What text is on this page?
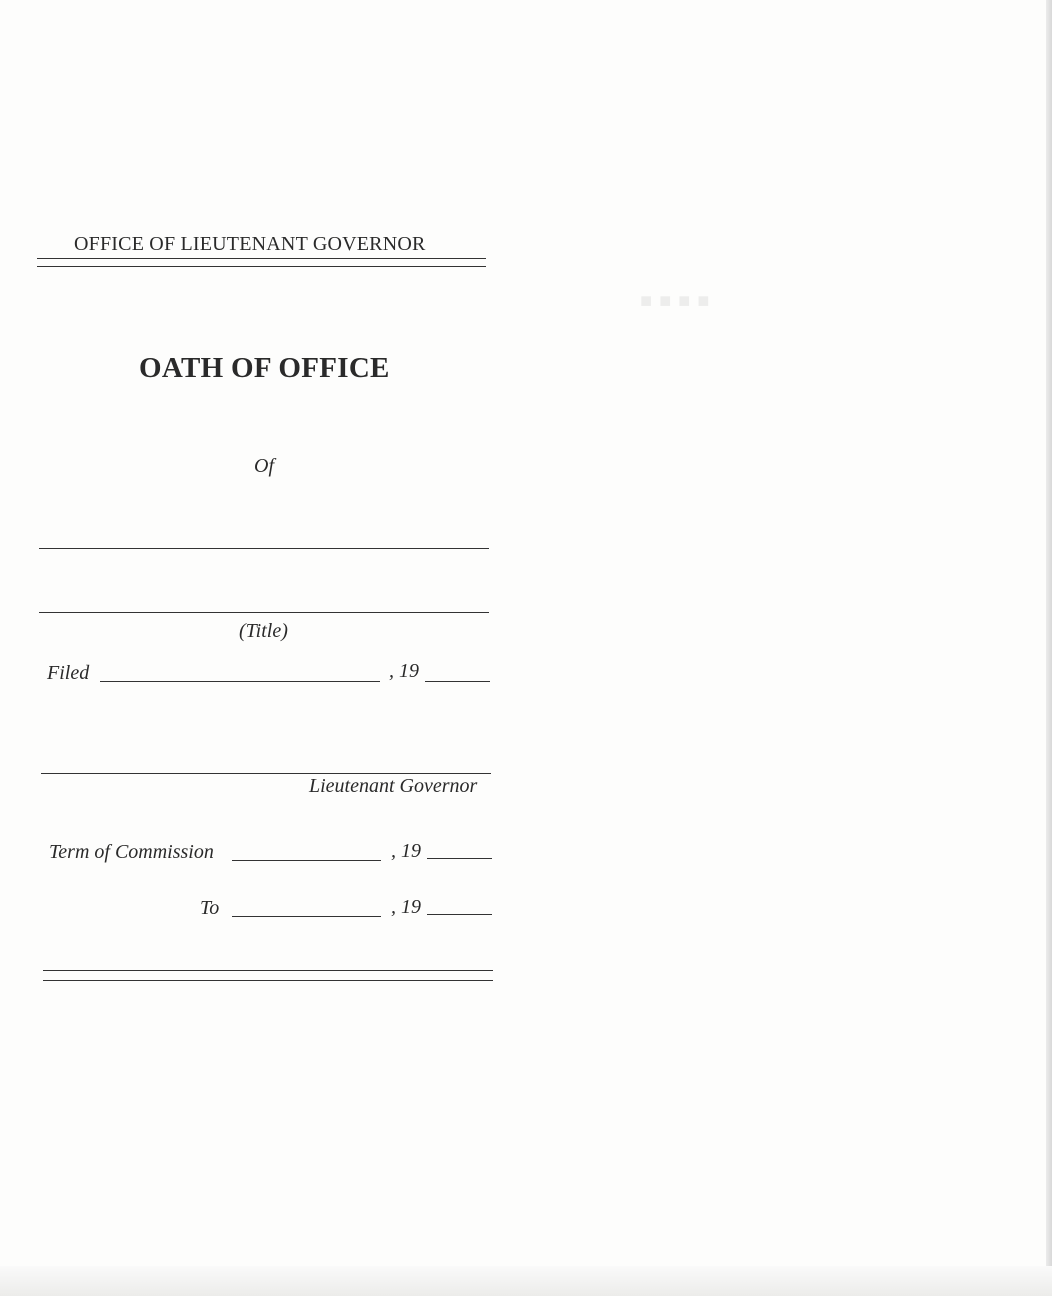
■ ■ ■ ■
OFFICE OF LIEUTENANT GOVERNOR
OATH OF OFFICE
Of
(Title)
Filed	, 19
Lieutenant Governor
Term of Commission	, 19
To	, 19
